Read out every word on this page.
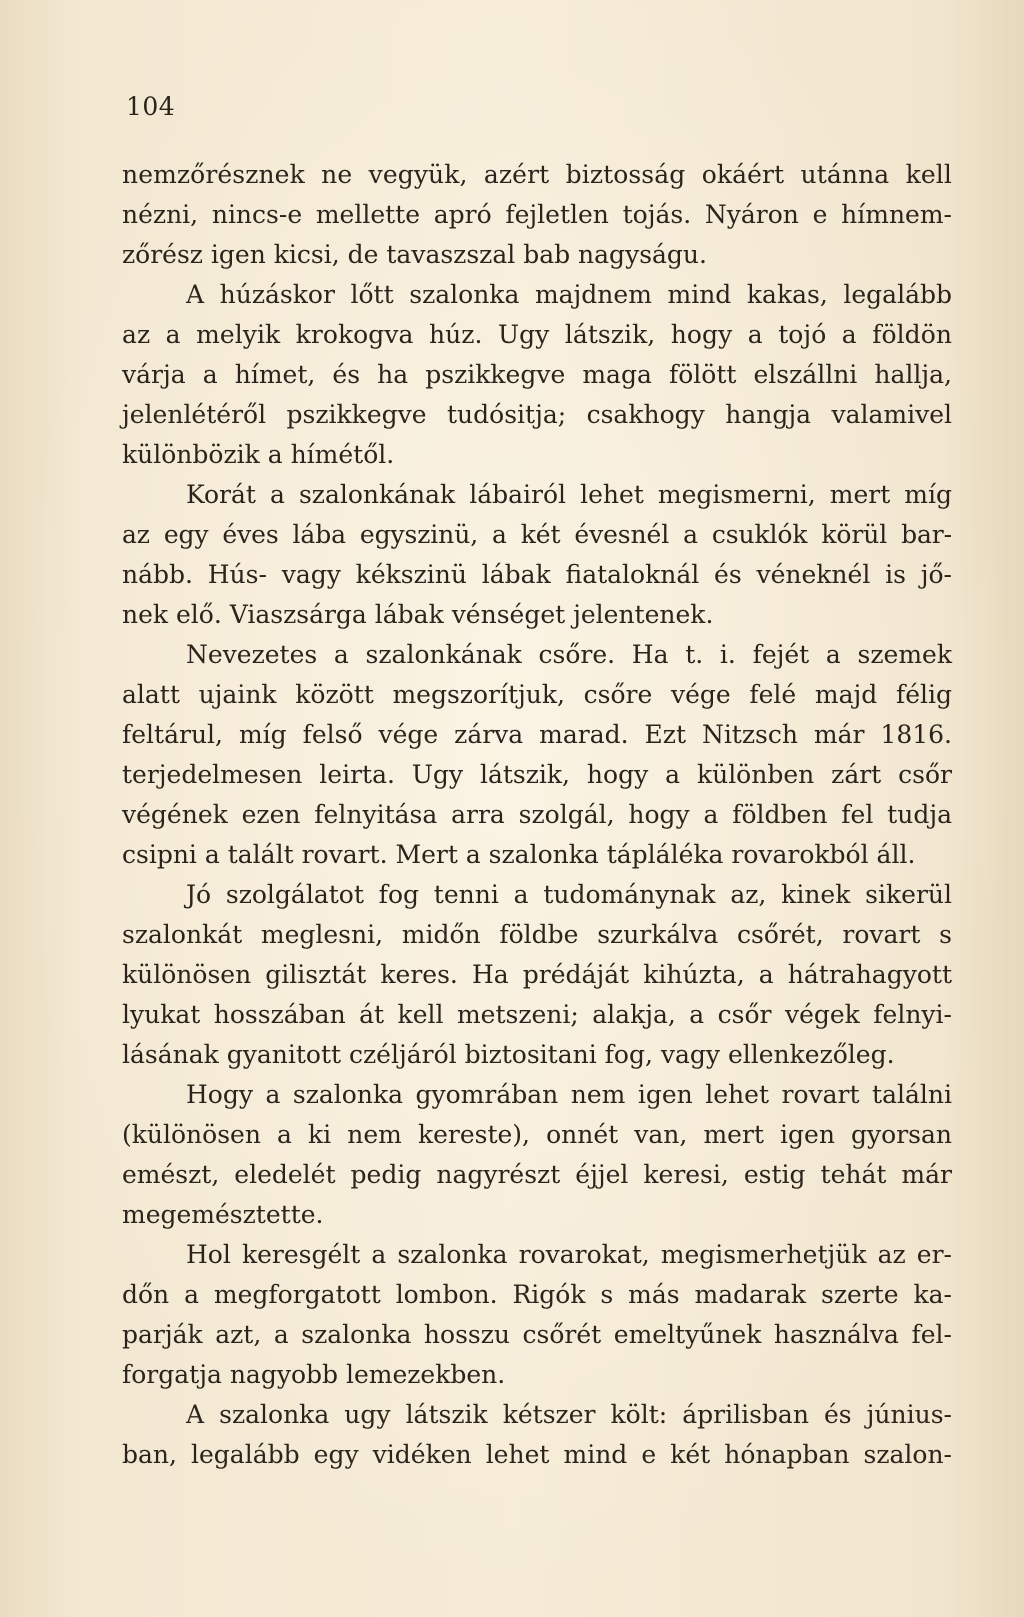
104
nemzőrésznek ne vegyük, azért biztosság okáért utánna kell
nézni, nincs-e mellette apró fejletlen tojás. Nyáron e hímnem-
zőrész igen kicsi, de tavaszszal bab nagyságu.
A húzáskor lőtt szalonka majdnem mind kakas, legalább
az a melyik krokogva húz. Ugy látszik, hogy a tojó a földön
várja a hímet, és ha pszikkegve maga fölött elszállni hallja,
jelenlétéről pszikkegve tudósitja; csakhogy hangja valamivel
különbözik a hímétől.
Korát a szalonkának lábairól lehet megismerni, mert míg
az egy éves lába egyszinü, a két évesnél a csuklók körül bar-
nább. Hús- vagy kékszinü lábak fiataloknál és véneknél is jő-
nek elő. Viaszsárga lábak vénséget jelentenek.
Nevezetes a szalonkának csőre. Ha t. i. fejét a szemek
alatt ujaink között megszorítjuk, csőre vége felé majd félig
feltárul, míg felső vége zárva marad. Ezt Nitzsch már 1816.
terjedelmesen leirta. Ugy látszik, hogy a különben zárt csőr
végének ezen felnyitása arra szolgál, hogy a földben fel tudja
csipni a talált rovart. Mert a szalonka tápláléka rovarokból áll.
Jó szolgálatot fog tenni a tudománynak az, kinek sikerül
szalonkát meglesni, midőn földbe szurkálva csőrét, rovart s
különösen gilisztát keres. Ha prédáját kihúzta, a hátrahagyott
lyukat hosszában át kell metszeni; alakja, a csőr végek felnyi-
lásának gyanitott czéljáról biztositani fog, vagy ellenkezőleg.
Hogy a szalonka gyomrában nem igen lehet rovart találni
(különösen a ki nem kereste), onnét van, mert igen gyorsan
emészt, eledelét pedig nagyrészt éjjel keresi, estig tehát már
megemésztette.
Hol keresgélt a szalonka rovarokat, megismerhetjük az er-
dőn a megforgatott lombon. Rigók s más madarak szerte ka-
parják azt, a szalonka hosszu csőrét emeltyűnek használva fel-
forgatja nagyobb lemezekben.
A szalonka ugy látszik kétszer költ: áprilisban és június-
ban, legalább egy vidéken lehet mind e két hónapban szalon-
